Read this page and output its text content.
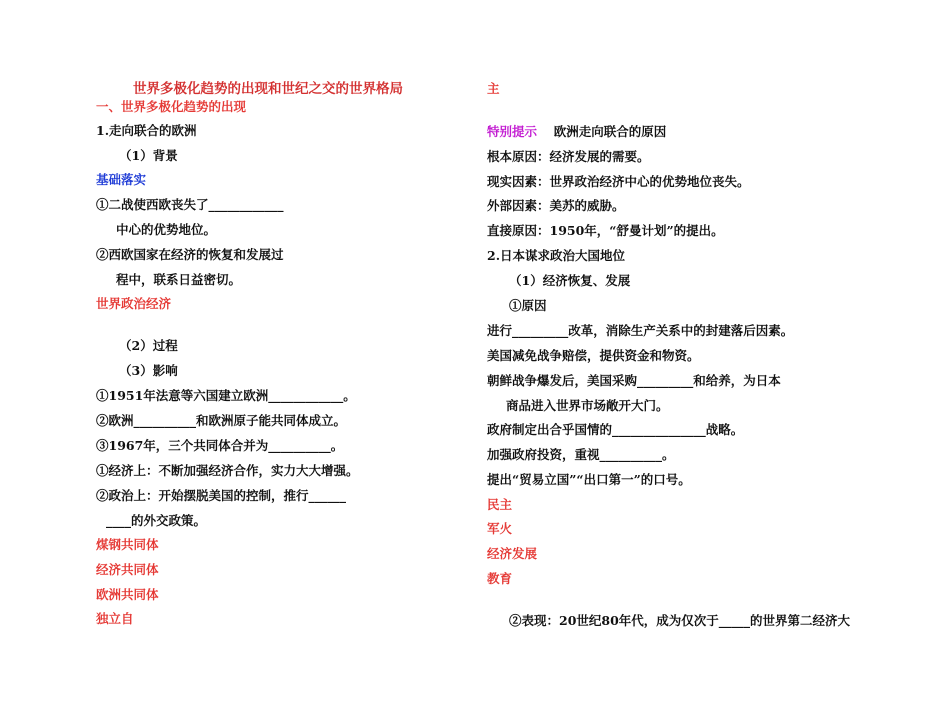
世界多极化趋势的出现和世纪之交的世界格局
一、世界多极化趋势的出现
1.走向联合的欧洲
（1）背景
基础落实
①二战使西欧丧失了____________
中心的优势地位。
②西欧国家在经济的恢复和发展过
程中，联系日益密切。
世界政治经济
（2）过程
（3）影响
①1951年法意等六国建立欧洲____________。
②欧洲__________和欧洲原子能共同体成立。
③1967年，三个共同体合并为__________。
①经济上：不断加强经济合作，实力大大增强。
②政治上：开始摆脱美国的控制，推行______
____的外交政策。
煤钢共同体
经济共同体
欧洲共同体
独立自
主
特别提示 欧洲走向联合的原因
根本原因：经济发展的需要。
现实因素：世界政治经济中心的优势地位丧失。
外部因素：美苏的威胁。
直接原因：1950年，“舒曼计划”的提出。
2.日本谋求政治大国地位
（1）经济恢复、发展
①原因
进行_________改革，消除生产关系中的封建落后因素。
美国减免战争赔偿，提供资金和物资。
朝鲜战争爆发后，美国采购_________和给养，为日本
商品进入世界市场敞开大门。
政府制定出合乎国情的_______________战略。
加强政府投资，重视__________。
提出“贸易立国”“出口第一”的口号。
民主
军火
经济发展
教育
②表现：20世纪80年代，成为仅次于_____的世界第二经济大
